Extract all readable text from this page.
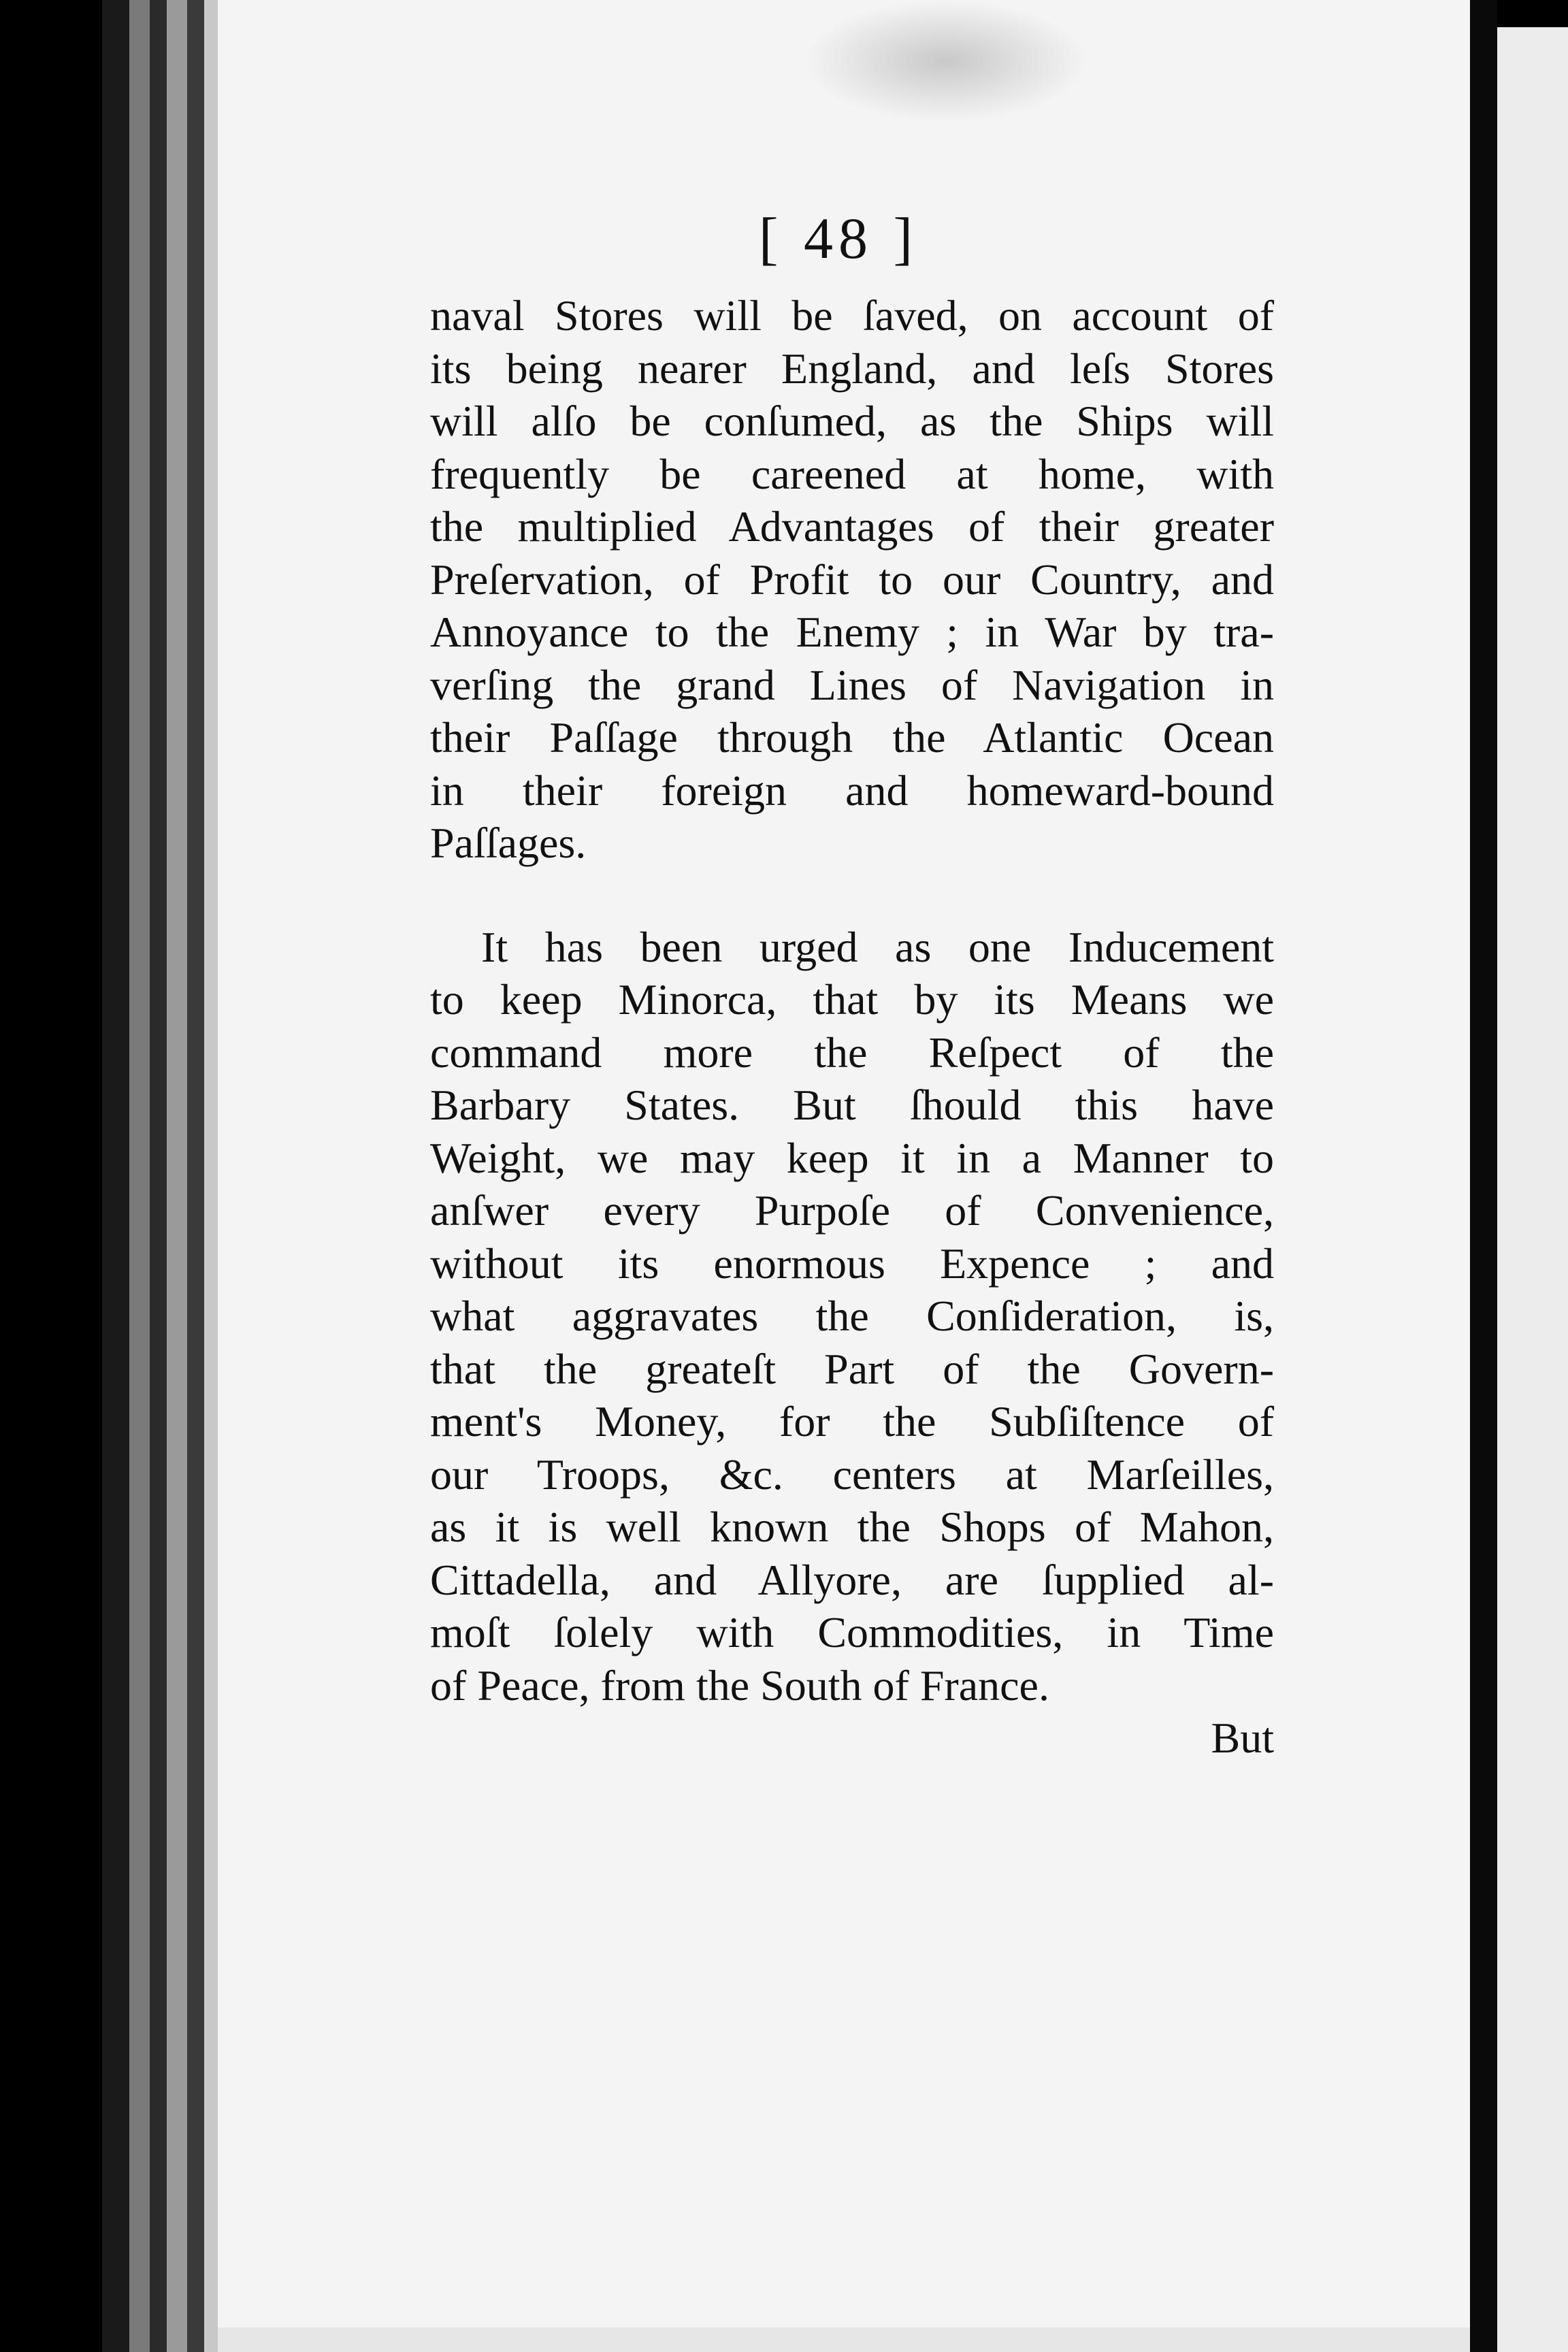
[ 48 ]
naval Stores will be ſaved, on account of
its being nearer England, and leſs Stores
will alſo be conſumed, as the Ships will
frequently be careened at home, with
the multiplied Advantages of their greater
Preſervation, of Profit to our Country, and
Annoyance to the Enemy ; in War by tra-
verſing the grand Lines of Navigation in
their Paſſage through the Atlantic Ocean
in their foreign and homeward-bound
Paſſages.
It has been urged as one Inducement
to keep Minorca, that by its Means we
command more the Reſpect of the
Barbary States. But ſhould this have
Weight, we may keep it in a Manner to
anſwer every Purpoſe of Convenience,
without its enormous Expence ; and
what aggravates the Conſideration, is,
that the greateſt Part of the Govern-
ment's Money, for the Subſiſtence of
our Troops, &c. centers at Marſeilles,
as it is well known the Shops of Mahon,
Cittadella, and Allyore, are ſupplied al-
moſt ſolely with Commodities, in Time
of Peace, from the South of France.
But
